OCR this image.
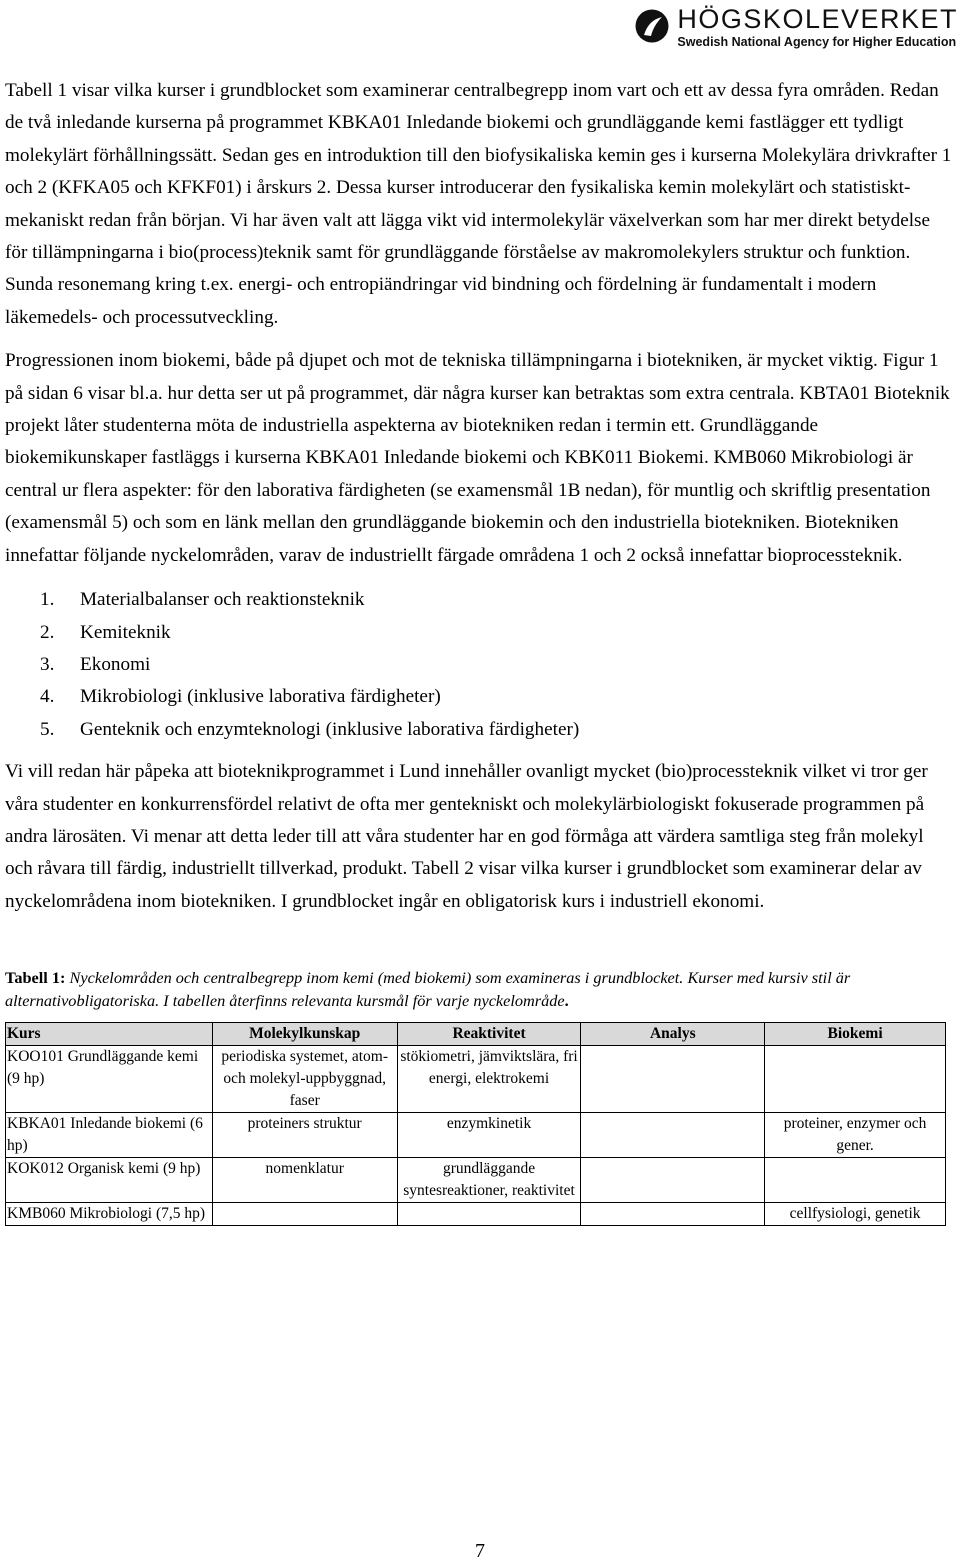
HÖGSKOLEVERKET
Swedish National Agency for Higher Education

Tabell 1 visar vilka kurser i grundblocket som examinerar centralbegrepp inom vart och ett av dessa fyra områden. Redan de två inledande kurserna på programmet KBKA01 Inledande biokemi och grundläggande kemi fastlägger ett tydligt molekylärt förhållningssätt. Sedan ges en introduktion till den biofysikaliska kemin ges i kurserna Molekylära drivkrafter 1 och 2 (KFKA05 och KFKF01) i årskurs 2. Dessa kurser introducerar den fysikaliska kemin molekylärt och statistiskt-mekaniskt redan från början. Vi har även valt att lägga vikt vid intermolekylär växelverkan som har mer direkt betydelse för tillämpningarna i bio(process)teknik samt för grundläggande förståelse av makromolekylers struktur och funktion. Sunda resonemang kring t.ex. energi- och entropiändringar vid bindning och fördelning är fundamentalt i modern läkemedels- och processutveckling.

Progressionen inom biokemi, både på djupet och mot de tekniska tillämpningarna i biotekniken, är mycket viktig. Figur 1 på sidan 6 visar bl.a. hur detta ser ut på programmet, där några kurser kan betraktas som extra centrala. KBTA01 Bioteknik projekt låter studenterna möta de industriella aspekterna av biotekniken redan i termin ett. Grundläggande biokemikunskaper fastläggs i kurserna KBKA01 Inledande biokemi och KBK011 Biokemi. KMB060 Mikrobiologi är central ur flera aspekter: för den laborativa färdigheten (se examensmål 1B nedan), för muntlig och skriftlig presentation (examensmål 5) och som en länk mellan den grundläggande biokemin och den industriella biotekniken. Biotekniken innefattar följande nyckelområden, varav de industriellt färgade områdena 1 och 2 också innefattar bioprocessteknik.

1. Materialbalanser och reaktionsteknik
2. Kemiteknik
3. Ekonomi
4. Mikrobiologi (inklusive laborativa färdigheter)
5. Genteknik och enzymteknologi (inklusive laborativa färdigheter)

Vi vill redan här påpeka att bioteknikprogrammet i Lund innehåller ovanligt mycket (bio)processteknik vilket vi tror ger våra studenter en konkurrensfördel relativt de ofta mer gentekniskt och molekylärbiologiskt fokuserade programmen på andra lärosäten. Vi menar att detta leder till att våra studenter har en god förmåga att värdera samtliga steg från molekyl och råvara till färdig, industriellt tillverkad, produkt. Tabell 2 visar vilka kurser i grundblocket som examinerar delar av nyckelområdena inom biotekniken. I grundblocket ingår en obligatorisk kurs i industriell ekonomi.

Tabell 1: Nyckelområden och centralbegrepp inom kemi (med biokemi) som examineras i grundblocket. Kurser med kursiv stil är alternativobligatoriska. I tabellen återfinns relevanta kursmål för varje nyckelområde.
Kurs	Molekylkunskap	Reaktivitet	Analys	Biokemi
KOO101 Grundläggande kemi (9 hp)	periodiska systemet, atom- och molekyl-uppbyggnad, faser	stökiometri, jämviktslära, fri energi, elektrokemi		
KBKA01 Inledande biokemi (6 hp)	proteiners struktur	enzymkinetik		proteiner, enzymer och gener.
KOK012 Organisk kemi (9 hp)	nomenklatur	grundläggande syntesreaktioner, reaktivitet		
KMB060 Mikrobiologi (7,5 hp)				cellfysiologi, genetik
7
